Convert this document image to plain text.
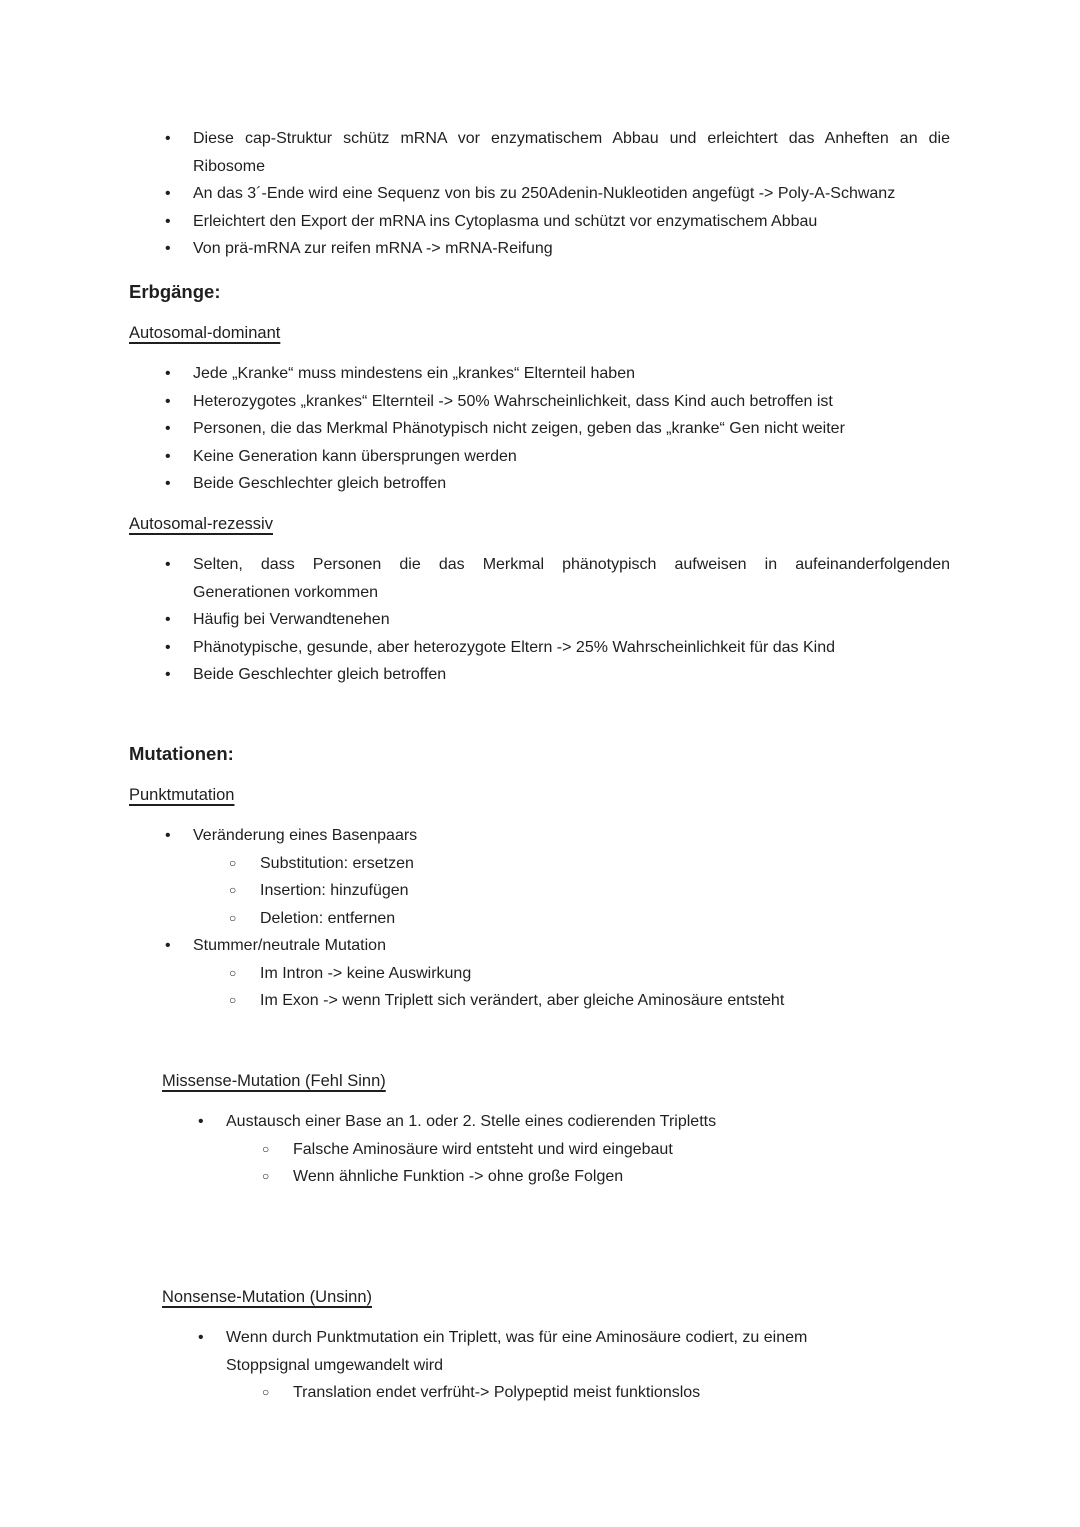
• Diese cap-Struktur schütz mRNA vor enzymatischem Abbau und erleichtert das Anheften an die
Ribosome
• An das 3´-Ende wird eine Sequenz von bis zu 250Adenin-Nukleotiden angefügt -> Poly-A-Schwanz
• Erleichtert den Export der mRNA ins Cytoplasma und schützt vor enzymatischem Abbau
• Von prä-mRNA zur reifen mRNA -> mRNA-Reifung
Erbgänge:
Autosomal-dominant
• Jede „Kranke“ muss mindestens ein „krankes“ Elternteil haben
• Heterozygotes „krankes“ Elternteil -> 50% Wahrscheinlichkeit, dass Kind auch betroffen ist
• Personen, die das Merkmal Phänotypisch nicht zeigen, geben das „kranke“ Gen nicht weiter
• Keine Generation kann übersprungen werden
• Beide Geschlechter gleich betroffen
Autosomal-rezessiv
• Selten, dass Personen die das Merkmal phänotypisch aufweisen in aufeinanderfolgenden
Generationen vorkommen
• Häufig bei Verwandtenehen
• Phänotypische, gesunde, aber heterozygote Eltern -> 25% Wahrscheinlichkeit für das Kind
• Beide Geschlechter gleich betroffen
Mutationen:
Punktmutation
• Veränderung eines Basenpaars
○ Substitution: ersetzen
○ Insertion: hinzufügen
○ Deletion: entfernen
• Stummer/neutrale Mutation
○ Im Intron -> keine Auswirkung
○ Im Exon -> wenn Triplett sich verändert, aber gleiche Aminosäure entsteht
Missense-Mutation (Fehl Sinn)
• Austausch einer Base an 1. oder 2. Stelle eines codierenden Tripletts
○ Falsche Aminosäure wird entsteht und wird eingebaut
○ Wenn ähnliche Funktion -> ohne große Folgen
Nonsense-Mutation (Unsinn)
• Wenn durch Punktmutation ein Triplett, was für eine Aminosäure codiert, zu einem
Stoppsignal umgewandelt wird
○ Translation endet verfrüht-> Polypeptid meist funktionslos
